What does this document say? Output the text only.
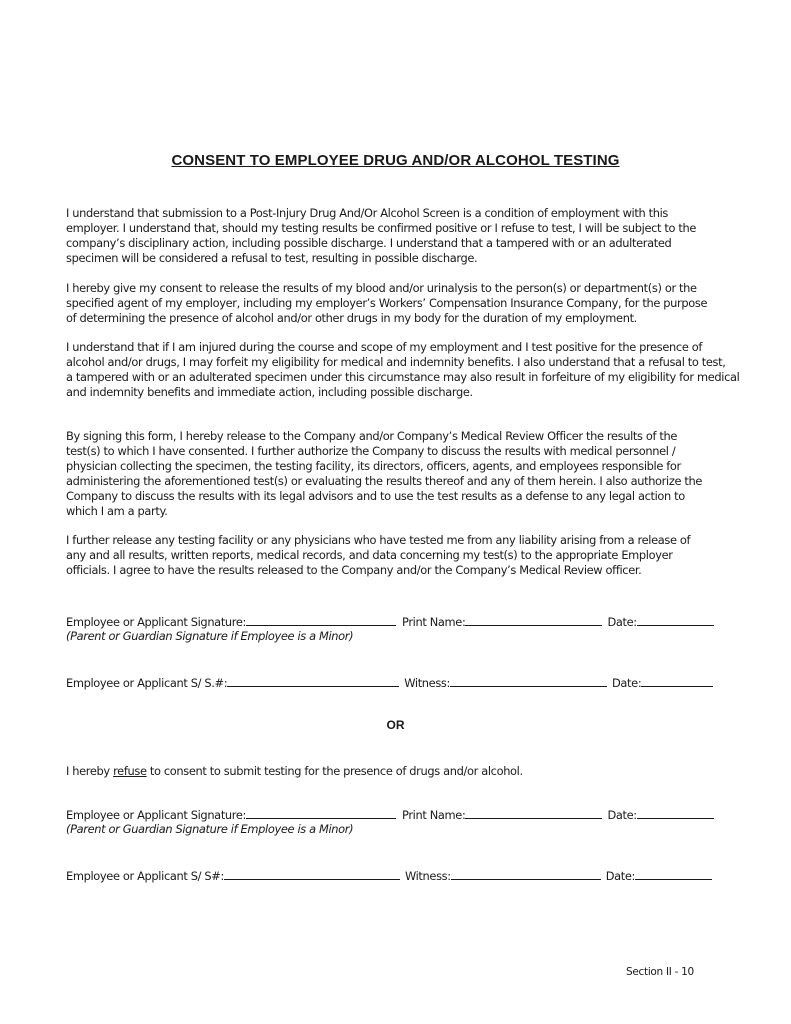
CONSENT TO EMPLOYEE DRUG AND/OR ALCOHOL TESTING
I understand that submission to a Post-Injury Drug And/Or Alcohol Screen is a condition of employment with this
employer. I understand that, should my testing results be confirmed positive or I refuse to test, I will be subject to the
company’s disciplinary action, including possible discharge. I understand that a tampered with or an adulterated
specimen will be considered a refusal to test, resulting in possible discharge.
I hereby give my consent to release the results of my blood and/or urinalysis to the person(s) or department(s) or the
specified agent of my employer, including my employer’s Workers’ Compensation Insurance Company, for the purpose
of determining the presence of alcohol and/or other drugs in my body for the duration of my employment.
I understand that if I am injured during the course and scope of my employment and I test positive for the presence of
alcohol and/or drugs, I may forfeit my eligibility for medical and indemnity benefits. I also understand that a refusal to test,
a tampered with or an adulterated specimen under this circumstance may also result in forfeiture of my eligibility for medical
and indemnity benefits and immediate action, including possible discharge.
By signing this form, I hereby release to the Company and/or Company’s Medical Review Officer the results of the
test(s) to which I have consented. I further authorize the Company to discuss the results with medical personnel /
physician collecting the specimen, the testing facility, its directors, officers, agents, and employees responsible for
administering the aforementioned test(s) or evaluating the results thereof and any of them herein. I also authorize the
Company to discuss the results with its legal advisors and to use the test results as a defense to any legal action to
which I am a party.
I further release any testing facility or any physicians who have tested me from any liability arising from a release of
any and all results, written reports, medical records, and data concerning my test(s) to the appropriate Employer
officials. I agree to have the results released to the Company and/or the Company’s Medical Review officer.
Employee or Applicant Signature:	Print Name:	Date:
(Parent or Guardian Signature if Employee is a Minor)
Employee or Applicant S/ S.#:	Witness:	Date:
OR
I hereby refuse to consent to submit testing for the presence of drugs and/or alcohol.
Employee or Applicant Signature:	Print Name:	Date:
(Parent or Guardian Signature if Employee is a Minor)
Employee or Applicant S/ S#:	Witness:	Date:
Section II - 10
